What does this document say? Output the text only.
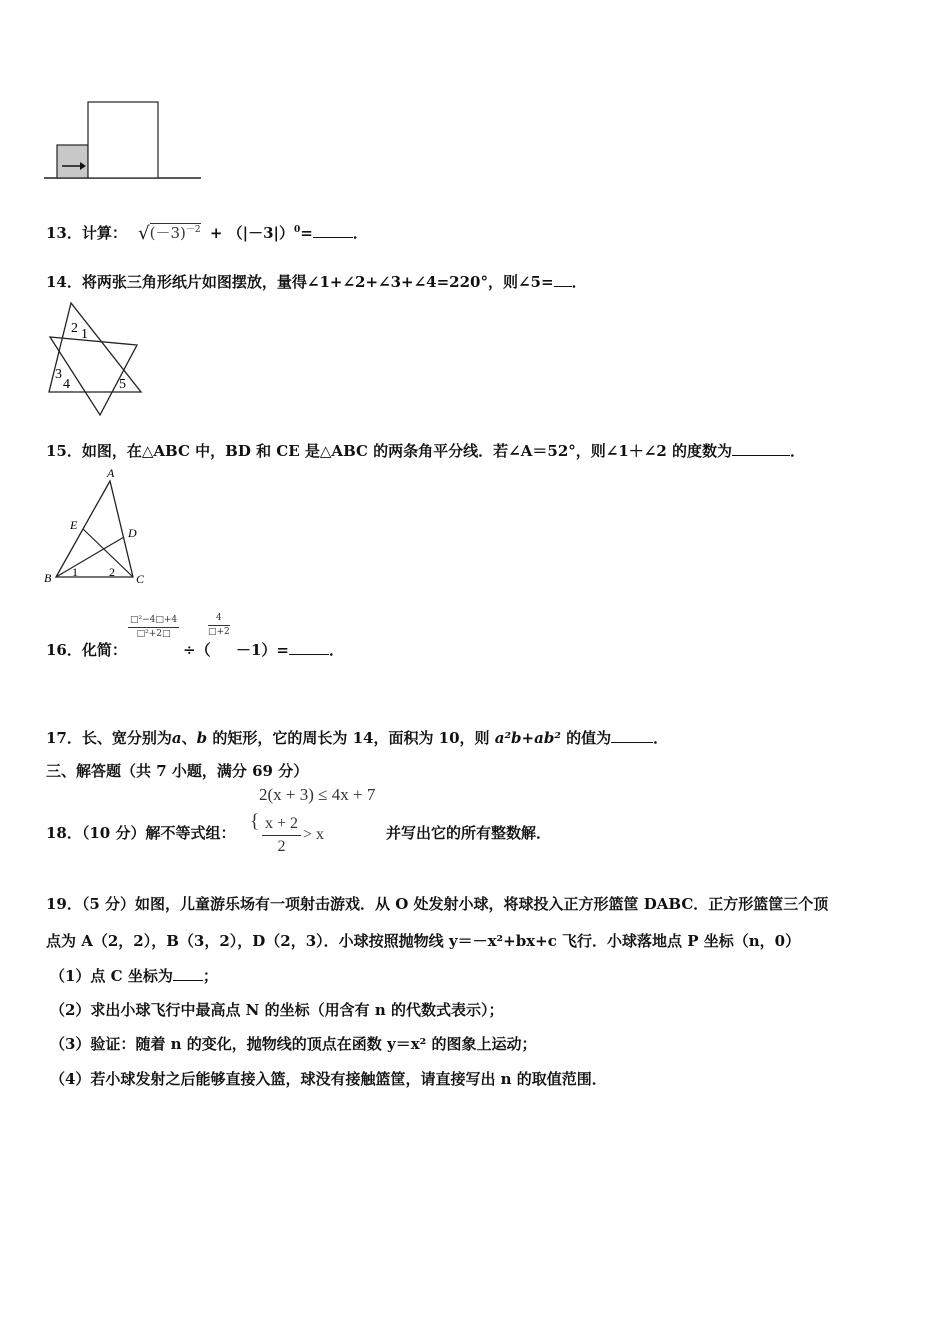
13．计算： $√(-3)^{-2} + (|-3|)^0=$	．
14．将两张三角形纸片如图摆放，量得∠1+∠2+∠3+∠4=220°，则∠5= ．
2 1
3
4	5
15．如图，在△ABC 中，BD 和 CE 是△ABC 的两条角平分线．若∠A＝52°，则∠1＋∠2 的度数为	．
A
E
D
B 1	2 C
16．化简：
$\frac{\text{□²−4□+4}}{\text{□²+2□}}$
÷（
$\frac{4}{□+2}$
－1）=	．
17．长、宽分别为a、b 的矩形，它的周长为 14，面积为 10，则 a²b+ab² 的值为	．
三、解答题（共 7 小题，满分 69 分）
2(x + 3) ≤ 4x + 7
18．（10 分）解不等式组：
{ $\frac{x + 2}{2} > x$	并写出它的所有整数解．
19．（5 分）如图，儿童游乐场有一项射击游戏．从 O 处发射小球，将球投入正方形篮筐 DABC．正方形篮筐三个顶
点为 A（2，2），B（3，2），D（2，3）．小球按照抛物线 y＝－x²+bx+c 飞行．小球落地点 P 坐标（n，0）
（1）点 C 坐标为 ；
（2）求出小球飞行中最高点 N 的坐标（用含有 n 的代数式表示）；
（3）验证：随着 n 的变化，抛物线的顶点在函数 y＝x² 的图象上运动；
（4）若小球发射之后能够直接入篮，球没有接触篮筐，请直接写出 n 的取值范围．
